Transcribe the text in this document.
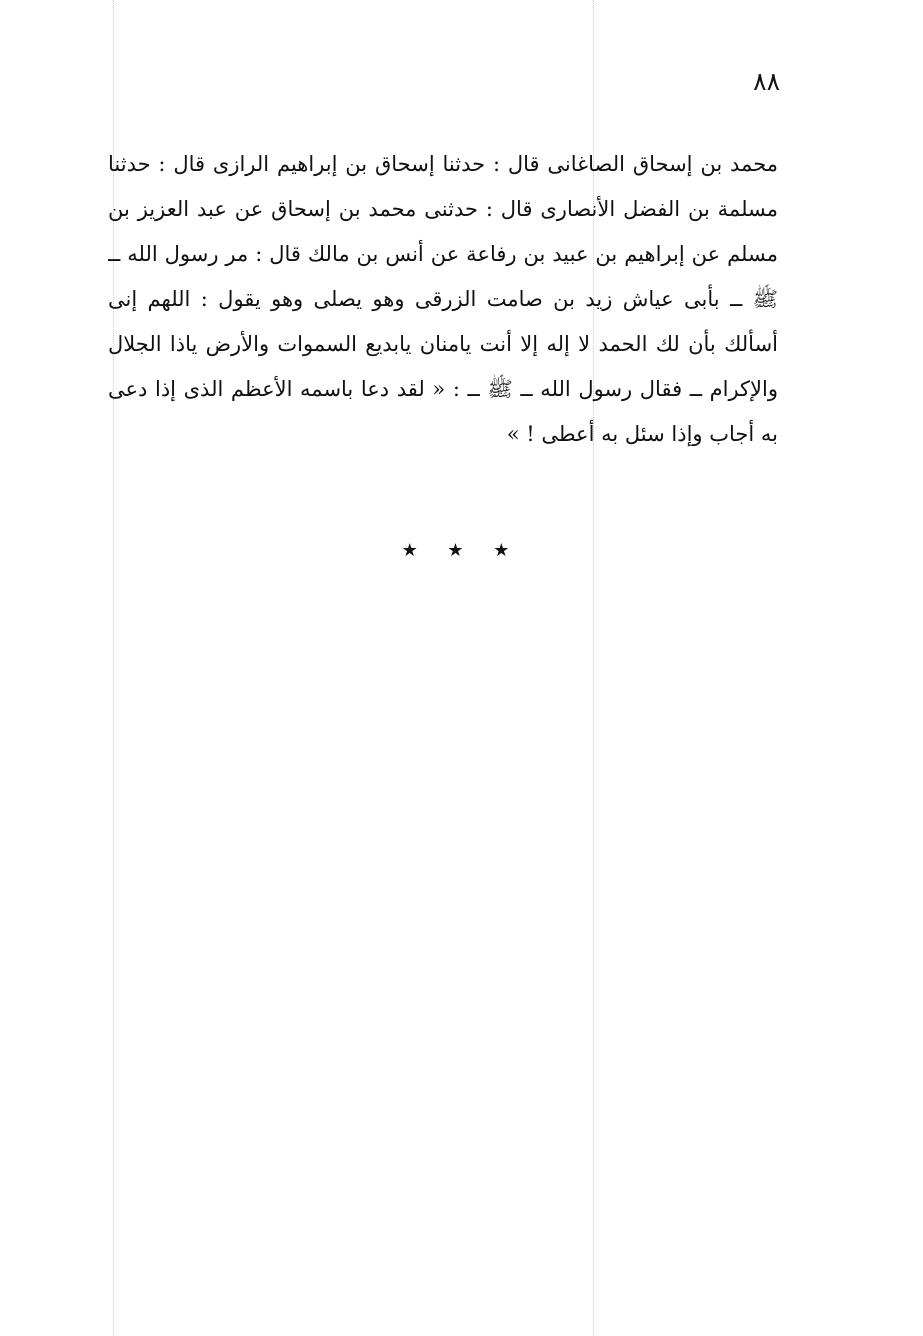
٨٨
محمد بن إسحاق الصاغانى قال : حدثنا إسحاق بن إبراهيم الرازى قال : حدثنا
مسلمة بن الفضل الأنصارى قال : حدثنى محمد بن إسحاق عن عبد العزيز بن
مسلم عن إبراهيم بن عبيد بن رفاعة عن أنس بن مالك قال : مر رسول الله ــ
ﷺ ــ بأبى عياش زيد بن صامت الزرقى وهو يصلى وهو يقول : اللهم إنى
أسألك بأن لك الحمد لا إله إلا أنت يامنان يابديع السموات والأرض ياذا الجلال
والإكرام ــ فقال رسول الله ــ ﷺ ــ : « لقد دعا باسمه الأعظم الذى إذا دعى
به أجاب وإذا سئل به أعطى ! »
★ ★ ★
